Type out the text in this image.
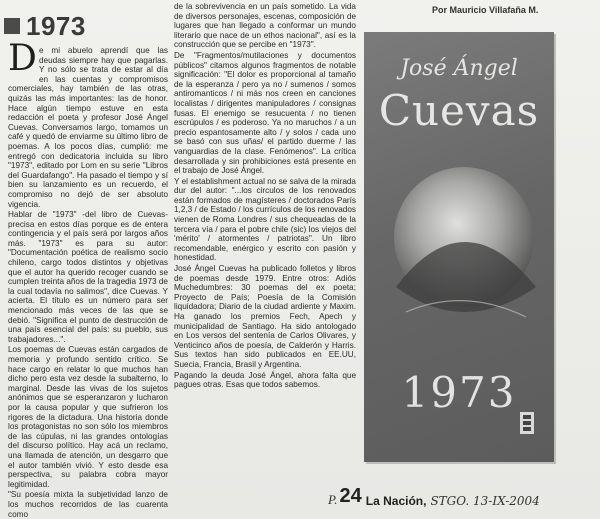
Por Mauricio Villafaña M.
1973
D e mi abuelo aprendí que las deudas siempre hay que pagarlas. Y no sólo se trata de estar al día en las cuentas y compromisos comerciales, hay también de las otras, quizás las más importantes: las de honor. Hace algún tiempo estuve en esta redacción el poeta y profesor José Ángel Cuevas. Conversamos largo, tomamos un café y quedó de enviarme su último libro de poemas. A los pocos días, cumplió: me entregó con dedicatoria incluida su libro "1973", editado por Lom en su serie "Libros del Guardafango". Ha pasado el tiempo y sí bien su lanzamiento es un recuerdo, el compromiso no dejó de ser absoluto vigencia.

Hablar de "1973" -del libro de Cuevas- precisa en estos días porque es de entera contingencia y el país será por largos años más. "1973" es para su autor: "Documentación poética de realismo socio chileno, cargo todos distintos y objetivas que el autor ha querido recoger cuando se cumplen treinta años de la tragedia 1973 de la cual todavía no salimos", dice Cuevas. Y acierta. El título es un número para ser mencionado más veces de las que se debió. "Significa el punto de destrucción de una país esencial del país: su pueblo, sus trabajadores...".

Los poemas de Cuevas están cargados de memoria y profundo sentido crítico. Se hace cargo en relatar lo que muchos han dicho pero esta vez desde la subalterno, lo marginal. Desde las vivas de los sujetos anónimos que se esperanzaron y lucharon por la causa popular y que sufrieron los rigores de la dictadura. Una historia donde los protagonistas no son sólo los miembros de las cúpulas, ni las grandes ontologías del discurso político. Hay acá un reclamo, una llamada de atención, un desgarro que el autor también vivió. Y esto desde esa perspectiva, su palabra cobra mayor legitimidad.

"Su poesía mixta la subjetividad lanzo de los muchos recorridos de las cuarenta como

de la sobrevivencia en un país sometido. La vida de diversos personajes, escenas, composición de lugares que han llegado a conformar un mundo literario que nace de un ethos nacional", así es la construcción que se percibe en "1973".

De "Fragmentos/mutilaciones y documentos públicos" citamos algunos fragmentos de notable significación: "El dolor es proporcional al tamaño de la esperanza / pero ya no / sumenos / somos antiromanticos / ni más nos creen en canciones localistas / dirigentes manipuladores / consignas fusas. El enemigo se resucuenta / no tienen escrúpulos / es poderoso. Ya no maruchos / a un precio espantosamente alto / y solos / cada uno se basó con sus uñas/ el partido duerme / las vanguardias de la clase. Fenómenos". La crítica desarrollada y sin prohibiciones está presente en el trabajo de José Ángel.

Y el establishment actual no se salva de la mirada dur del autor: "...los circulos de los renovados están formados de magísteres / doctorados París 1,2,3 / de Estado / los currículos de los renovados vienen de Roma Londres / sus chequeadas de la tercera vía / para el pobre chile (sic) los viejos del 'mérito' / atormentes / patriotas". Un libro recomendable, enérgico y escrito con pasión y honestidad.

José Ángel Cuevas ha publicado folletos y libros de poemas desde 1979. Entre otros: Adiós Muchedumbres: 30 poemas del ex poeta; Proyecto de País; Poesía de la Comisión liquidadora; Diario de la ciudad ardiente y Maxim. Ha ganado los premios Fech, Apech y municipalidad de Santiago. Ha sido antologado en Los versos del sentenía de Carlos Olivares, y Venticinco años de poesía, de Calderón y Harris. Sus textos han sido publicados en EE.UU, Suecia, Francia, Brasil y Argentina.

Pagando la deuda José Ángel, ahora falta que pagues otras. Esas que todos sabemos.

José Ángel
Cuevas
1973
P. 24 La Nación, STGO. 13-IX-2004
